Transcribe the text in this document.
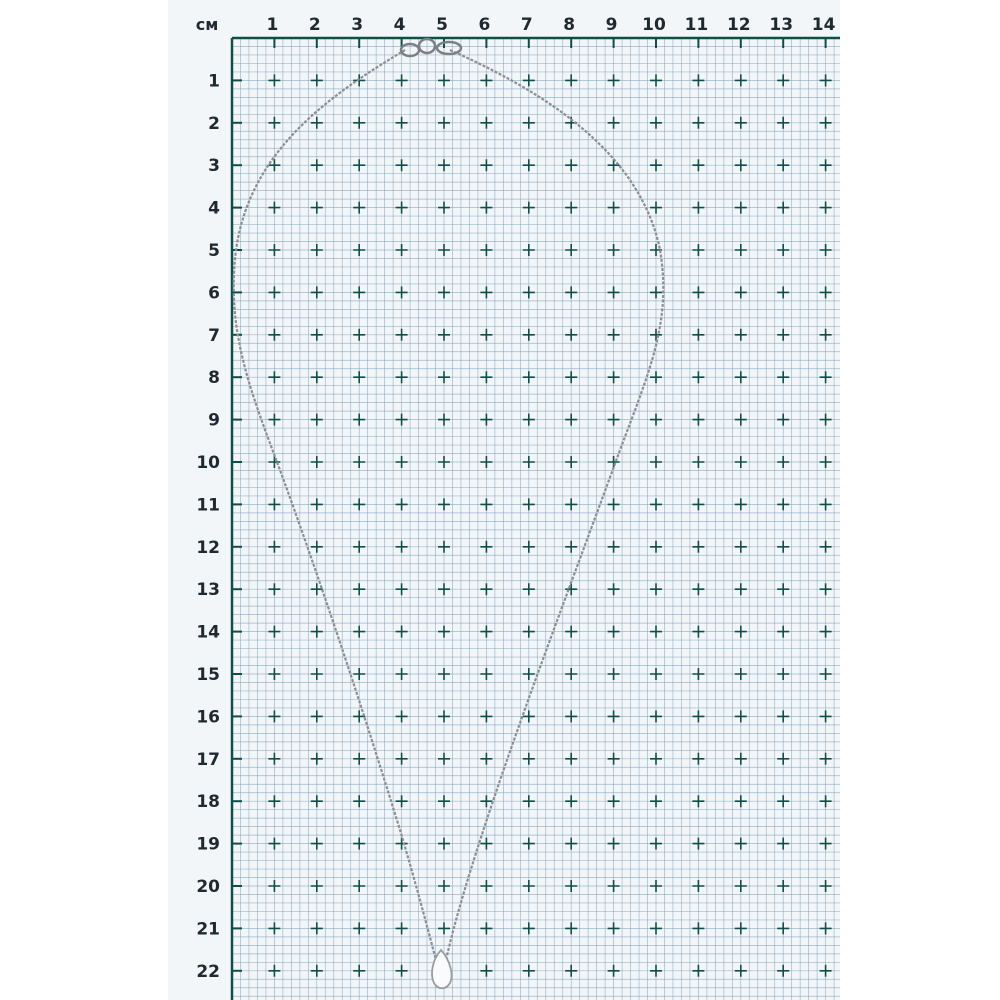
см	1 2 3 4 5 6 7 8 9 10 11 12 13 14
1
2
3
4
5
6
7
8
9
10
11
12
13
14
15
16
17
18
19
20
21
22
